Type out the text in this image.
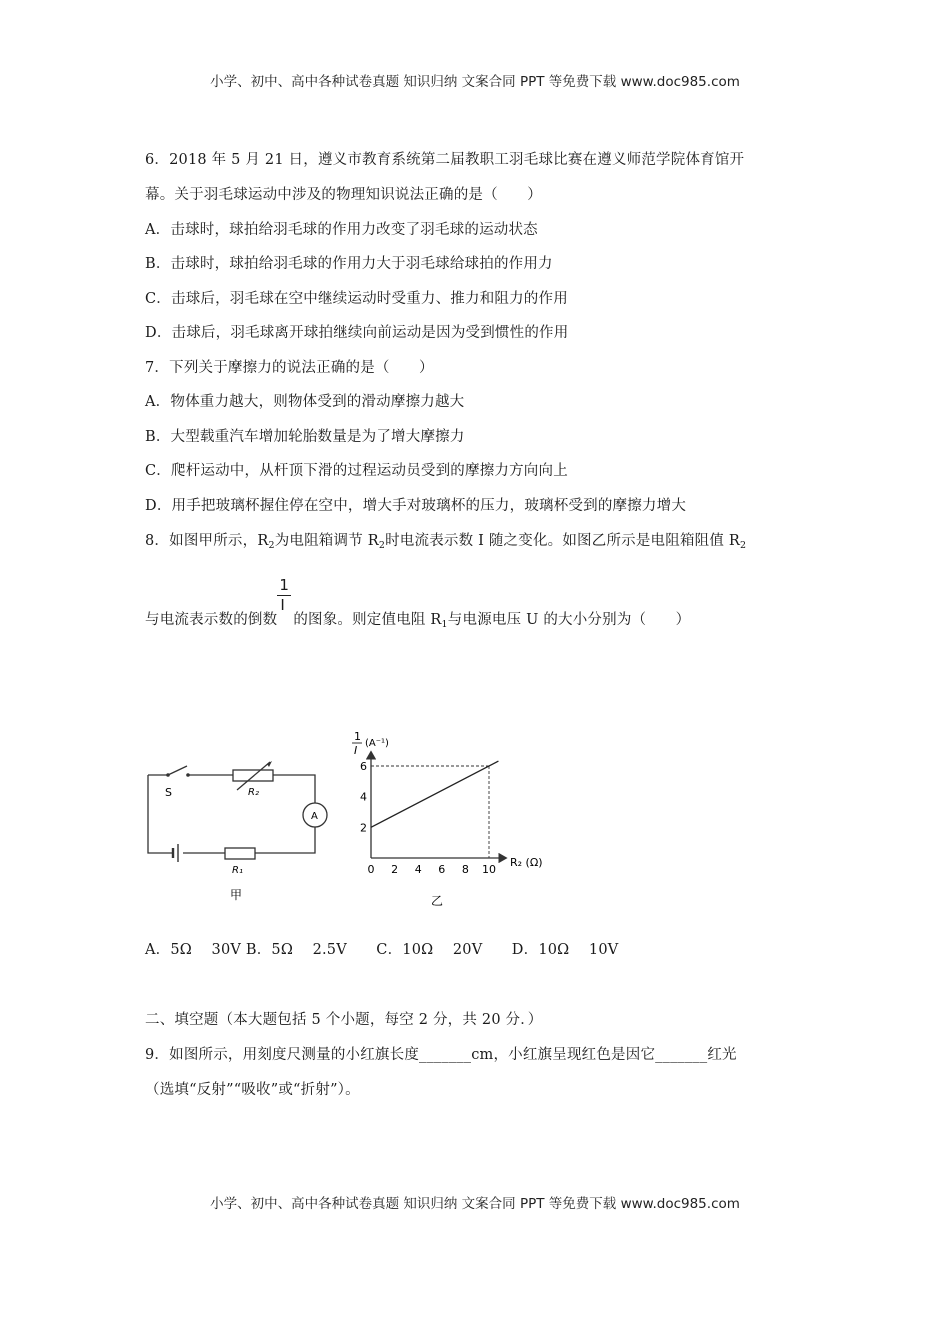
小学、初中、高中各种试卷真题 知识归纳 文案合同 PPT 等免费下载 www.doc985.com
6．2018 年 5 月 21 日，遵义市教育系统第二届教职工羽毛球比赛在遵义师范学院体育馆开
幕。关于羽毛球运动中涉及的物理知识说法正确的是（　　）
A．击球时，球拍给羽毛球的作用力改变了羽毛球的运动状态
B．击球时，球拍给羽毛球的作用力大于羽毛球给球拍的作用力
C．击球后，羽毛球在空中继续运动时受重力、推力和阻力的作用
D．击球后，羽毛球离开球拍继续向前运动是因为受到惯性的作用
7．下列关于摩擦力的说法正确的是（　　）
A．物体重力越大，则物体受到的滑动摩擦力越大
B．大型载重汽车增加轮胎数量是为了增大摩擦力
C．爬杆运动中，从杆顶下滑的过程运动员受到的摩擦力方向向上
D．用手把玻璃杯握住停在空中，增大手对玻璃杯的压力，玻璃杯受到的摩擦力增大
8．如图甲所示，$R_2$为电阻箱调节 $R_2$时电流表示数 I 随之变化。如图乙所示是电阻箱阻值 $R_2$
与电流表示数的倒数 $\frac{1}{I}$ 的图象。则定值电阻 $R_1$与电源电压 U 的大小分别为（　　）
S	R₂
A
R₁
甲
1
I
(A⁻¹)
R₂ (Ω)
乙
0 2 4 6 8 10
2
4
6
A．5Ω　 30V B．5Ω　 2.5V　　C．10Ω　 20V　　D．10Ω　 10V
二、填空题（本大题包括 5 个小题，每空 2 分，共 20 分．）
9．如图所示，用刻度尺测量的小红旗长度_______cm，小红旗呈现红色是因它_______红光
（选填“反射”“吸收”或“折射”）。
小学、初中、高中各种试卷真题 知识归纳 文案合同 PPT 等免费下载 www.doc985.com
